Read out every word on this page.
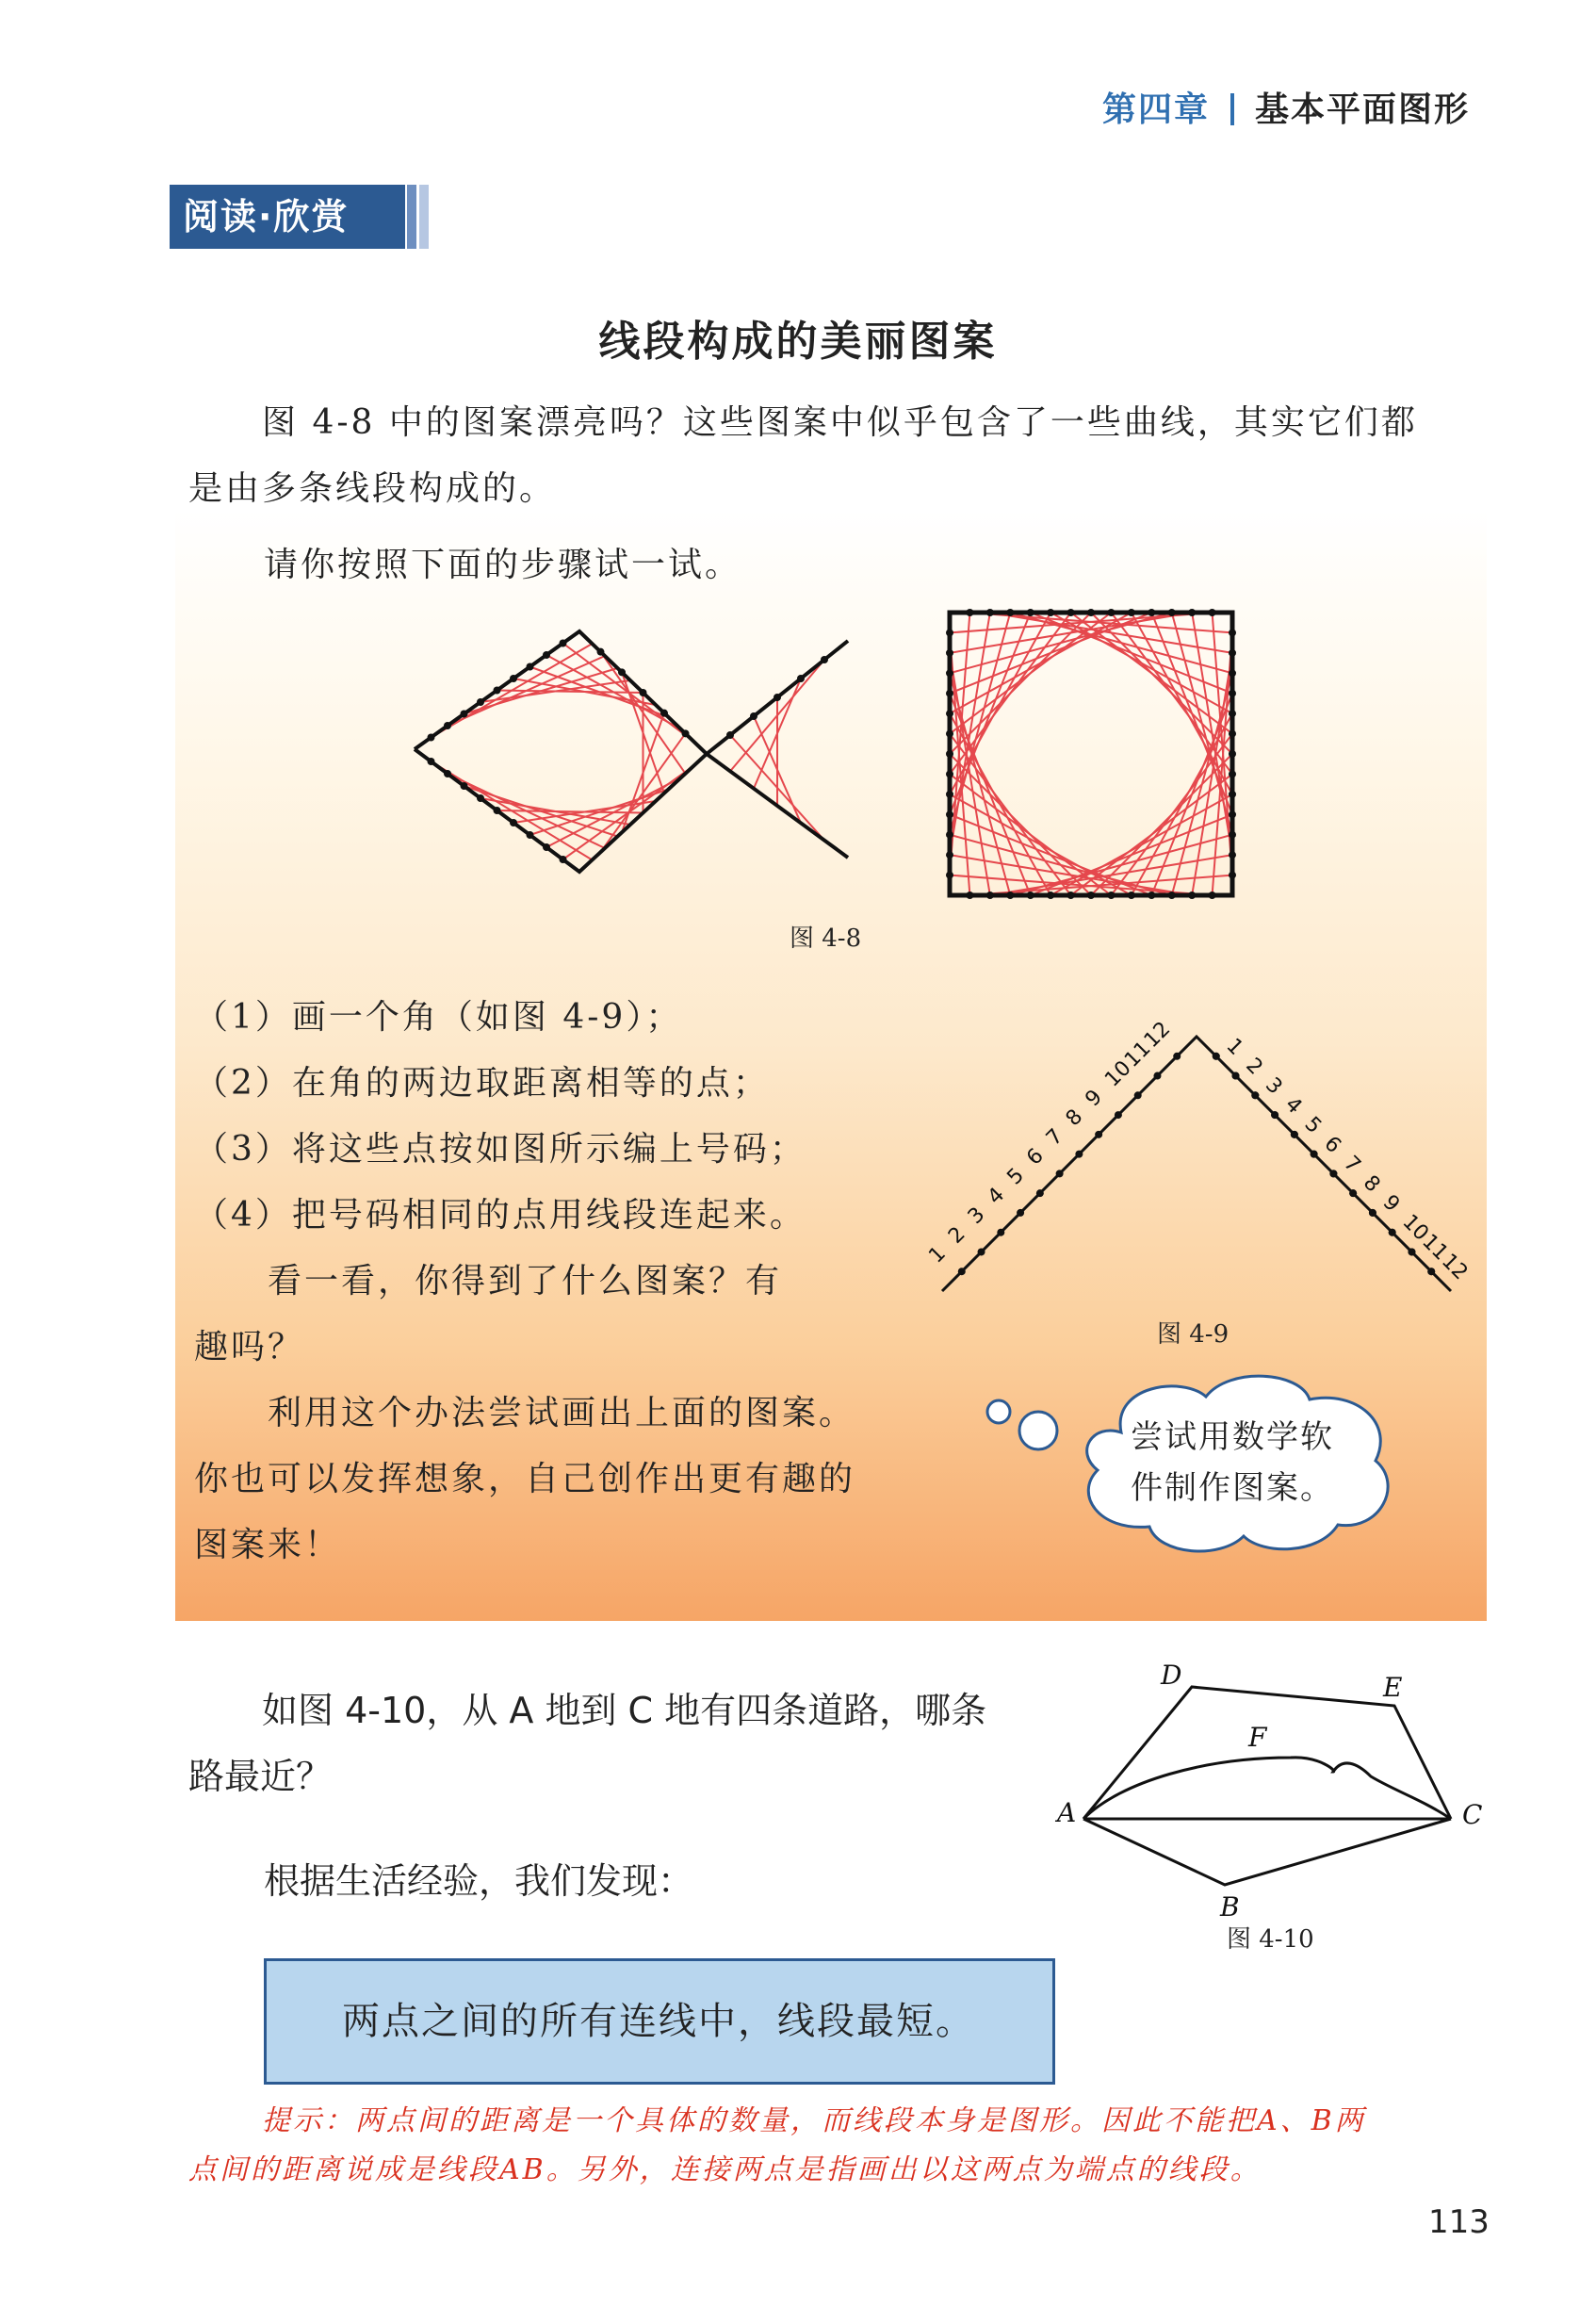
第四章 基本平面图形
阅读·欣赏
线段构成的美丽图案
图 4-8 中的图案漂亮吗？这些图案中似乎包含了一些曲线，其实它们都
是由多条线段构成的。
请你按照下面的步骤试一试。
图 4-8
（1）画一个角（如图 4-9）；
（2）在角的两边取距离相等的点；
（3）将这些点按如图所示编上号码；
（4）把号码相同的点用线段连起来。
看一看，你得到了什么图案？有
趣吗？
利用这个办法尝试画出上面的图案。
你也可以发挥想象，自己创作出更有趣的
图案来！
1
1
2
2
3
3
4
4
5
5
6	6
7
7
8
8
9
9
10
10
11
11
12
12
图 4-9
尝试用数学软
件制作图案。
如图 4-10，从 A 地到 C 地有四条道路，哪条
路最近？
A
B
C
D	E
F
图 4-10
根据生活经验，我们发现：
两点之间的所有连线中，线段最短。
提示：两点间的距离是一个具体的数量，而线段本身是图形。因此不能把A、B两
点间的距离说成是线段AB。另外，连接两点是指画出以这两点为端点的线段。
113
